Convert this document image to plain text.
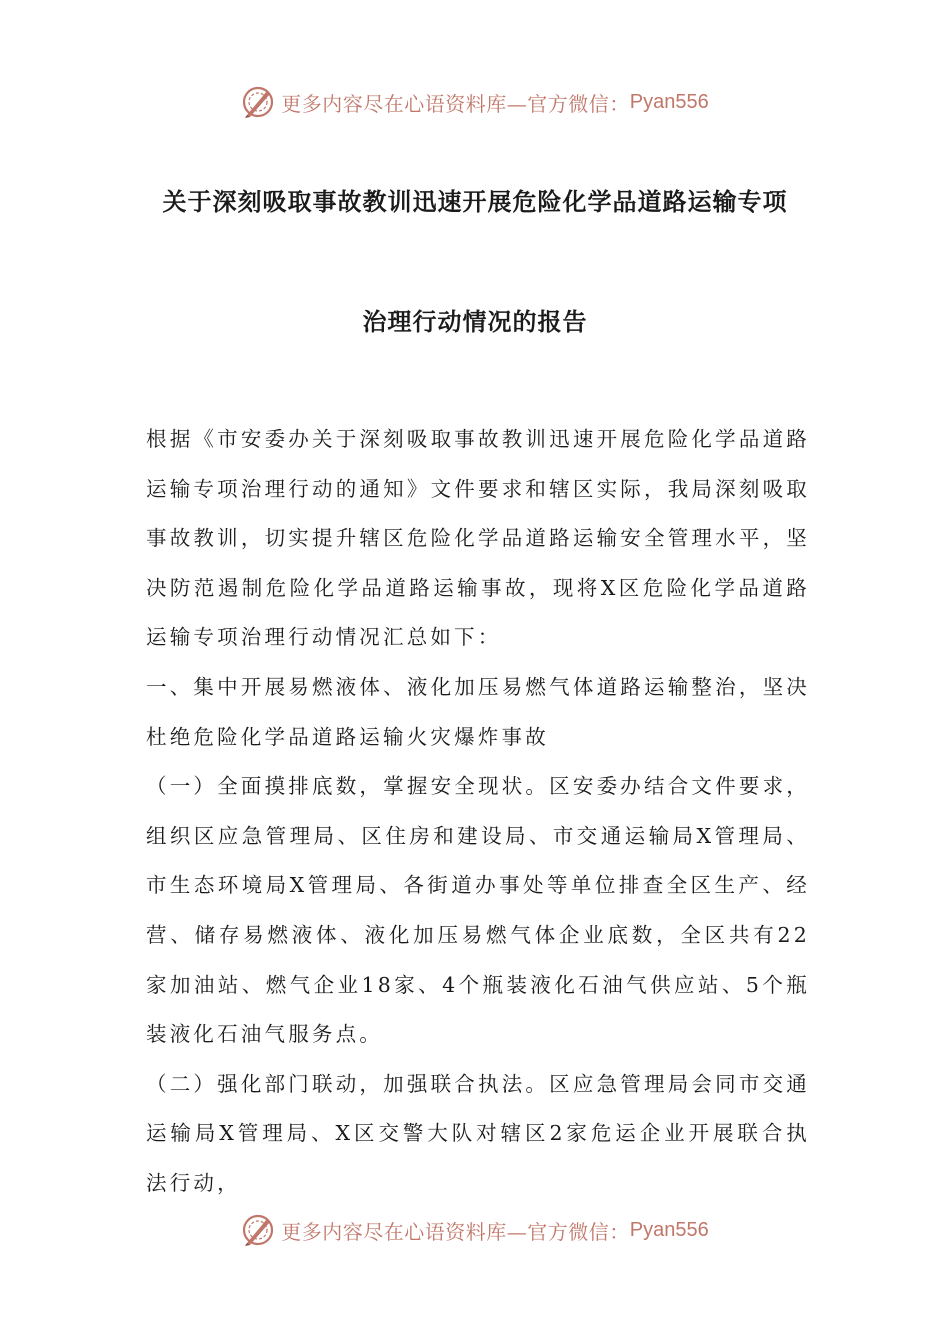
更多内容尽在心语资料库—官方微信： Pyan556
关于深刻吸取事故教训迅速开展危险化学品道路运输专项
治理行动情况的报告

根据《市安委办关于深刻吸取事故教训迅速开展危险化学品道路运输专项治理行动的通知》文件要求和辖区实际，我局深刻吸取事故教训，切实提升辖区危险化学品道路运输安全管理水平，坚决防范遏制危险化学品道路运输事故，现将X区危险化学品道路运输专项治理行动情况汇总如下：

一、集中开展易燃液体、液化加压易燃气体道路运输整治，坚决杜绝危险化学品道路运输火灾爆炸事故

（一）全面摸排底数，掌握安全现状。区安委办结合文件要求，组织区应急管理局、区住房和建设局、市交通运输局X管理局、市生态环境局X管理局、各街道办事处等单位排查全区生产、经营、储存易燃液体、液化加压易燃气体企业底数，全区共有22家加油站、燃气企业18家、4个瓶装液化石油气供应站、5个瓶装液化石油气服务点。

（二）强化部门联动，加强联合执法。区应急管理局会同市交通运输局X管理局、X区交警大队对辖区2家危运企业开展联合执法行动，

更多内容尽在心语资料库—官方微信： Pyan556
